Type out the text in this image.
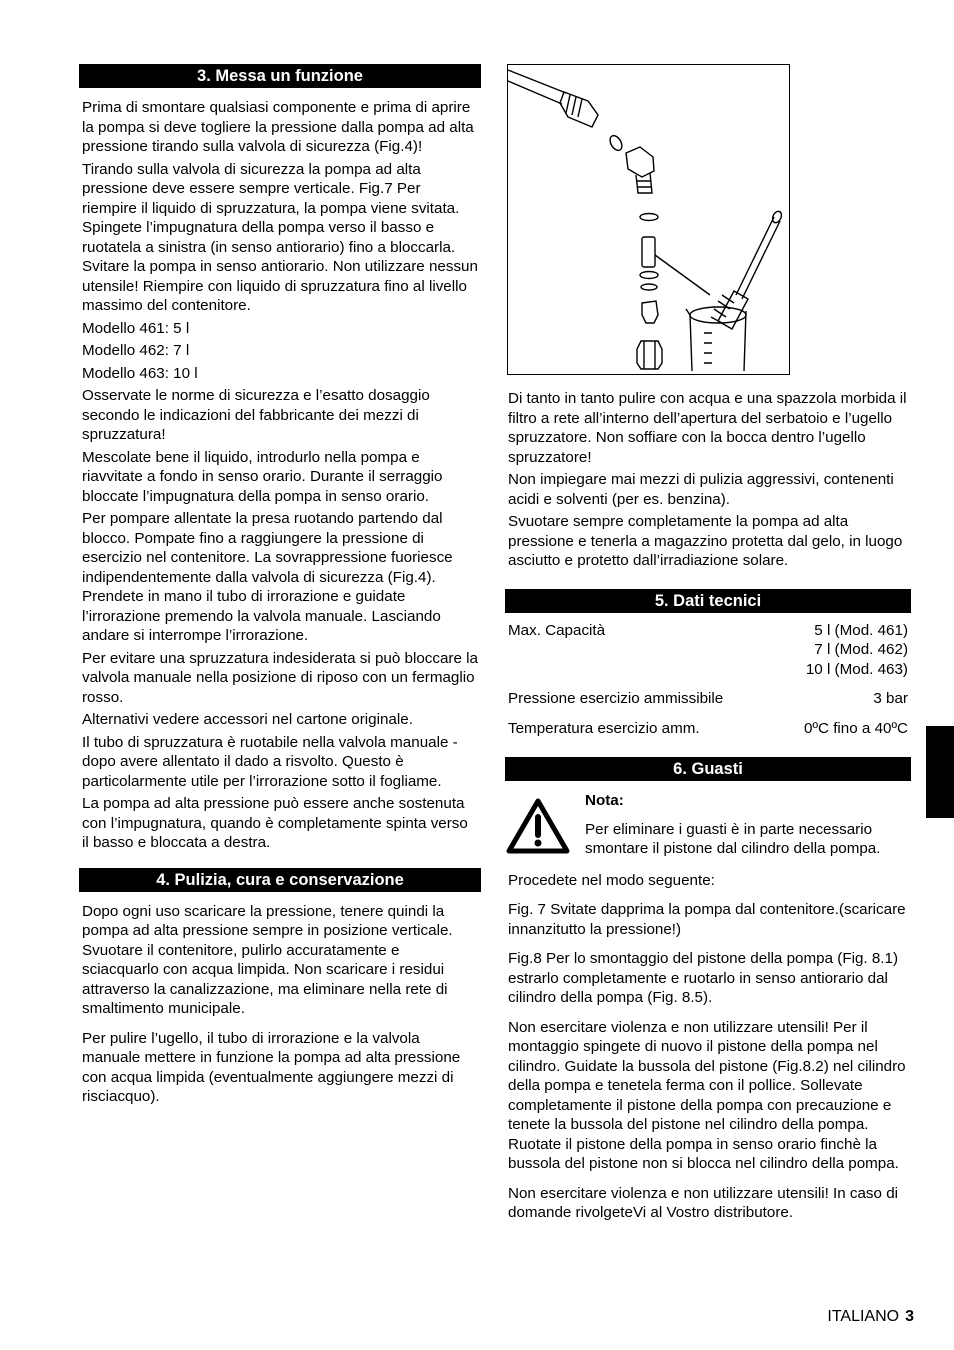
3. Messa un funzione

Prima di smontare qualsiasi componente e prima di aprire la pompa si deve togliere la pressione dalla pompa ad alta pressione tirando sulla valvola di sicurezza (Fig.4)!

Tirando sulla valvola di sicurezza la pompa ad alta pressione deve essere sempre verticale. Fig.7 Per riempire il liquido di spruzzatura, la pompa viene svitata. Spingete l’impugnatura della pompa verso il basso e ruotatela a sinistra (in senso antiorario) fino a bloccarla. Svitare la pompa in senso antiorario. Non utilizzare nessun utensile! Riempire con liquido di spruzzatura fino al livello massimo del contenitore.

Modello 461: 5 l

Modello 462: 7 l

Modello 463: 10 l

Osservate le norme di sicurezza e l’esatto dosaggio secondo le indicazioni del fabbricante dei mezzi di spruzzatura!

Mescolate bene il liquido, introdurlo nella pompa e riavvitate a fondo in senso orario. Durante il serraggio bloccate l’impugnatura della pompa in senso orario.

Per pompare allentate la presa ruotando partendo dal blocco. Pompate fino a raggiungere la pressione di esercizio nel contenitore. La sovrappressione fuoriesce indipendentemente dalla valvola di sicurezza (Fig.4). Prendete in mano il tubo di irrorazione e guidate l’irrorazione premendo la valvola manuale. Lasciando andare si interrompe l’irrorazione.

Per evitare una spruzzatura indesiderata si può bloccare la valvola manuale nella posizione di riposo con un fermaglio rosso.

Alternativi vedere accessori nel cartone originale.

Il tubo di spruzzatura è ruotabile nella valvola manuale - dopo avere allentato il dado a risvolto. Questo è particolarmente utile per l’irrorazione sotto il fogliame.

La pompa ad alta pressione può essere anche sostenuta con l’impugnatura, quando è completamente spinta verso il basso e bloccata a destra.

4. Pulizia, cura e conservazione

Dopo ogni uso scaricare la pressione, tenere quindi la pompa ad alta pressione sempre in posizione verticale. Svuotare il contenitore, pulirlo accuratamente e sciacquarlo con acqua limpida. Non scaricare i residui attraverso la canalizzazione, ma eliminare nella rete di smaltimento municipale.

Per pulire l’ugello, il tubo di irrorazione e la valvola manuale mettere in funzione la pompa ad alta pressione con acqua limpida (eventualmente aggiungere mezzi di risciacquo).

Di tanto in tanto pulire con acqua e una spazzola morbida il filtro a rete all’interno dell’apertura del serbatoio e l’ugello spruzzatore. Non soffiare con la bocca dentro l’ugello spruzzatore!

Non impiegare mai mezzi di pulizia aggressivi, contenenti acidi e solventi (per es. benzina).

Svuotare sempre completamente la pompa ad alta pressione e tenerla a magazzino protetta dal gelo, in luogo asciutto e protetto dall’irradiazione solare.

5. Dati tecnici
Max. Capacità	5 l (Mod. 461)
7 l (Mod. 462)
10 l (Mod. 463)
Pressione esercizio ammissibile	3 bar
Temperatura esercizio amm.	0ºC fino a 40ºC
6. Guasti

Nota:

Per eliminare i guasti è in parte necessario smontare il pistone dal cilindro della pompa.

Procedete nel modo seguente:

Fig. 7 Svitate dapprima la pompa dal contenitore.(scaricare innanzitutto la pressione!)

Fig.8 Per lo smontaggio del pistone della pompa (Fig. 8.1) estrarlo completamente e ruotarlo in senso antiorario dal cilindro della pompa (Fig. 8.5).

Non esercitare violenza e non utilizzare utensili! Per il montaggio spingete di nuovo il pistone della pompa nel cilindro. Guidate la bussola del pistone (Fig.8.2) nel cilindro della pompa e tenetela ferma con il pollice. Sollevate completamente il pistone della pompa con precauzione e tenete la bussola del pistone nel cilindro della pompa. Ruotate il pistone della pompa in senso orario finchè la bussola del pistone non si blocca nel cilindro della pompa.

Non esercitare violenza e non utilizzare utensili! In caso di domande rivolgeteVi al Vostro distributore.

ITALIANO 3
